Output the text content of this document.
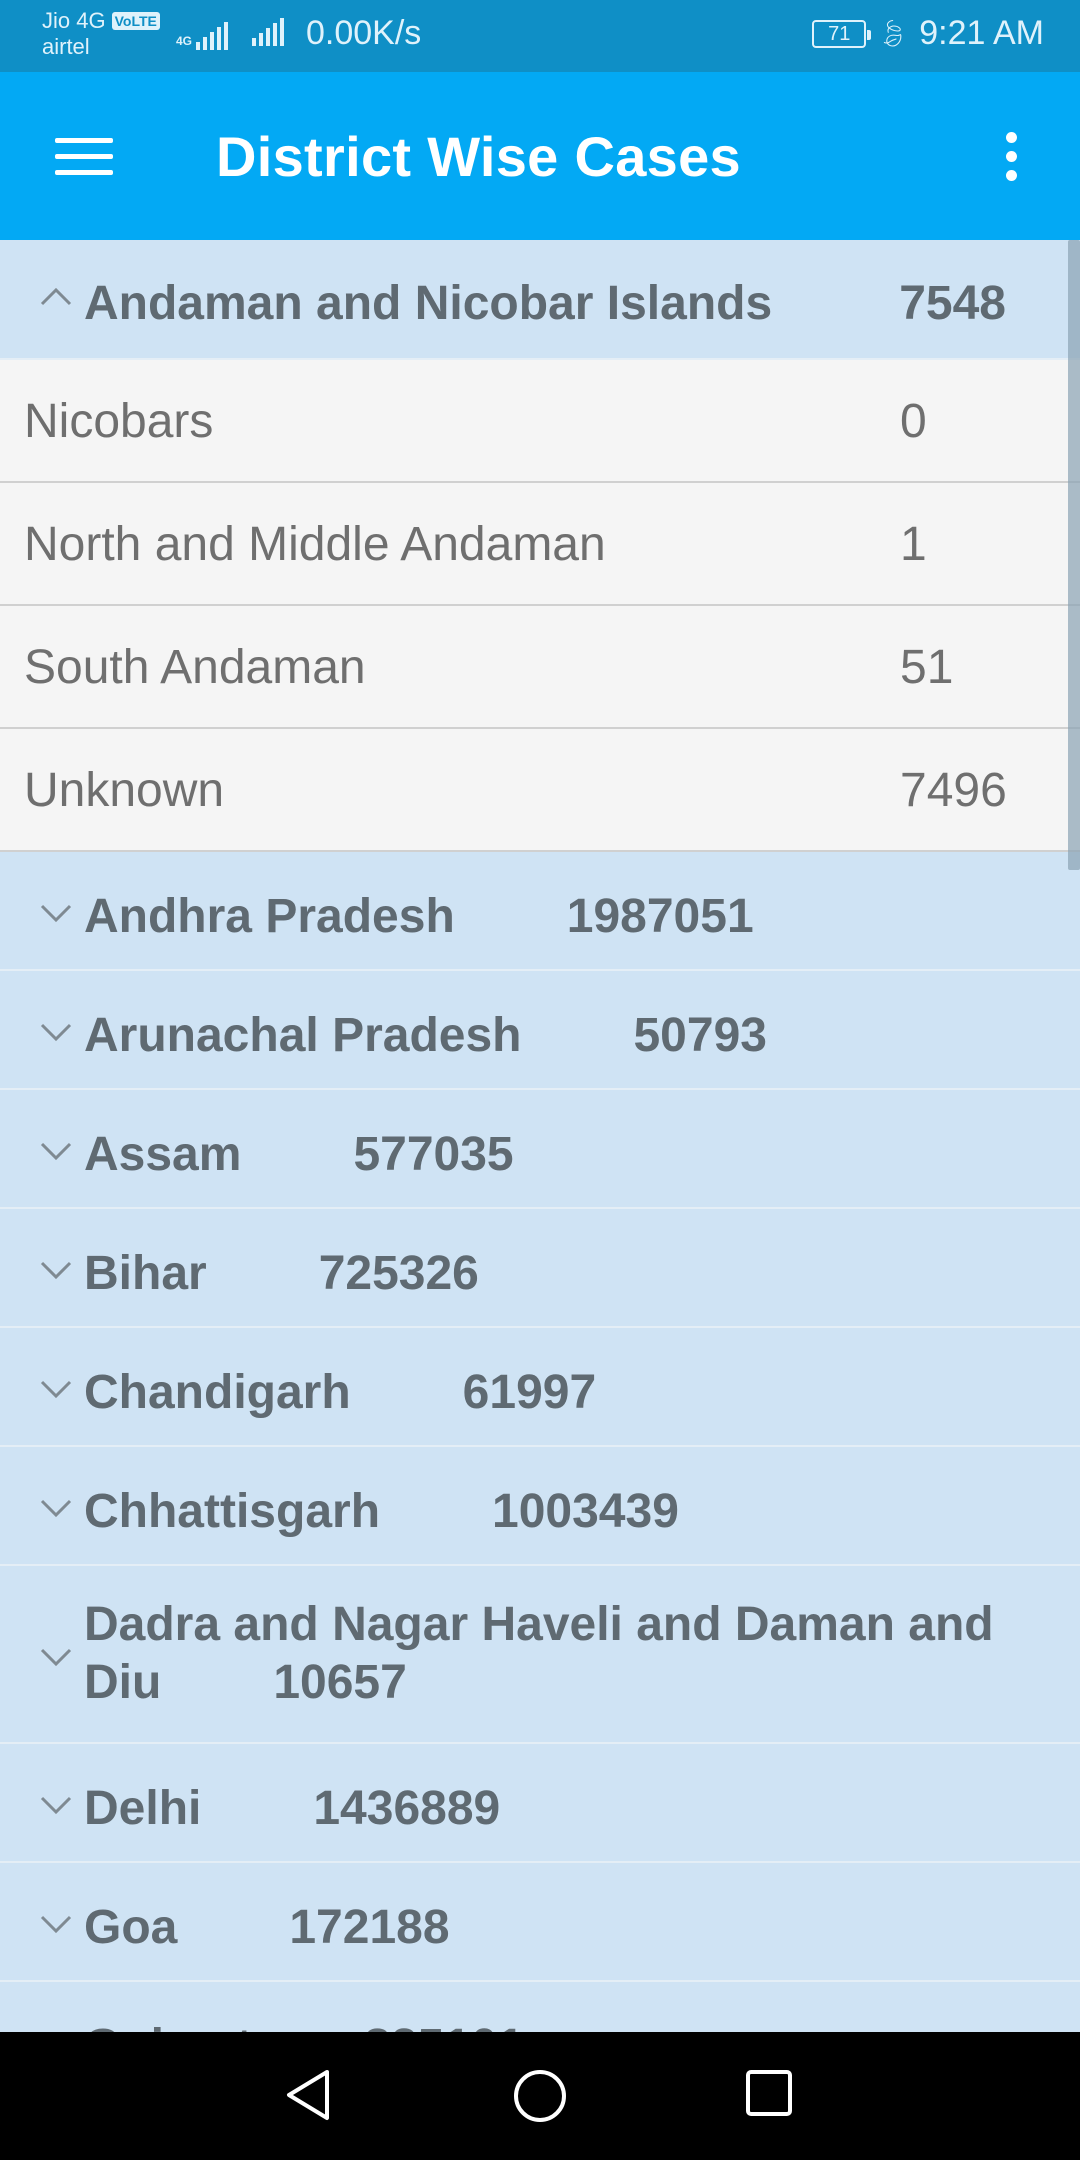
Jio 4G VoLTE
airtel	4G	0.00K/s	71 🍃︎ 9:21 AM
District Wise Cases
Andaman and Nicobar Islands	7548
Nicobars	0
North and Middle Andaman	1
South Andaman	51
Unknown	7496
Andhra Pradesh 1987051
Arunachal Pradesh 50793
Assam 577035
Bihar 725326
Chandigarh 61997
Chhattisgarh 1003439
Dadra and Nagar Haveli and Daman and Diu 10657
Delhi 1436889
Goa 172188
